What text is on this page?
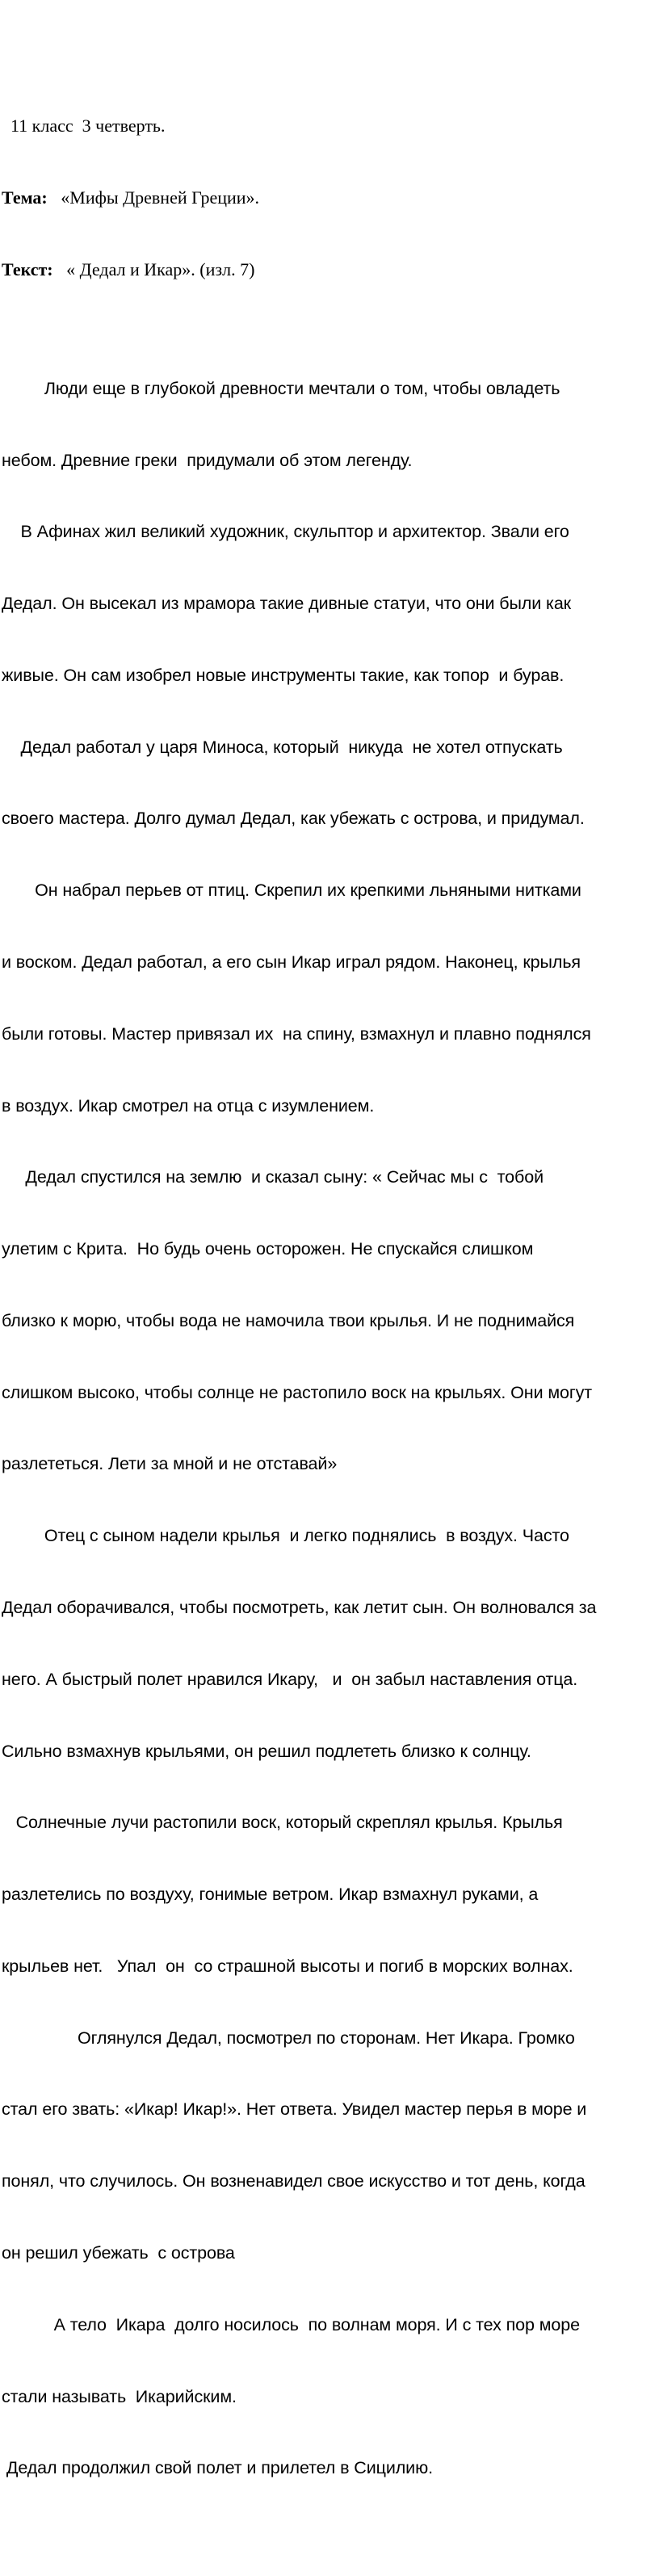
11 класс  3 четверть.

Тема:   «Мифы Древней Греции».

Текст:   « Дедал и Икар». (изл. 7)

Люди еще в глубокой древности мечтали о том, чтобы овладеть

небом. Древние греки  придумали об этом легенду.

В Афинах жил великий художник, скульптор и архитектор. Звали его

Дедал. Он высекал из мрамора такие дивные статуи, что они были как

живые. Он сам изобрел новые инструменты такие, как топор  и бурав.

Дедал работал у царя Миноса, который  никуда  не хотел отпускать

своего мастера. Долго думал Дедал, как убежать с острова, и придумал.

Он набрал перьев от птиц. Скрепил их крепкими льняными нитками

и воском. Дедал работал, а его сын Икар играл рядом. Наконец, крылья

были готовы. Мастер привязал их  на спину, взмахнул и плавно поднялся

в воздух. Икар смотрел на отца с изумлением.

Дедал спустился на землю  и сказал сыну: « Сейчас мы с  тобой

улетим с Крита.  Но будь очень осторожен. Не спускайся слишком

близко к морю, чтобы вода не намочила твои крылья. И не поднимайся

слишком высоко, чтобы солнце не растопило воск на крыльях. Они могут

разлететься. Лети за мной и не отставай»

Отец с сыном надели крылья  и легко поднялись  в воздух. Часто

Дедал оборачивался, чтобы посмотреть, как летит сын. Он волновался за

него. А быстрый полет нравился Икару,   и  он забыл наставления отца.

Сильно взмахнув крыльями, он решил подлететь близко к солнцу.

Солнечные лучи растопили воск, который скреплял крылья. Крылья

разлетелись по воздуху, гонимые ветром. Икар взмахнул руками, а

крыльев нет.   Упал  он  со страшной высоты и погиб в морских волнах.

Оглянулся Дедал, посмотрел по сторонам. Нет Икара. Громко

стал его звать: «Икар! Икар!». Нет ответа. Увидел мастер перья в море и

понял, что случилось. Он возненавидел свое искусство и тот день, когда

он решил убежать  с острова

А тело  Икара  долго носилось  по волнам моря. И с тех пор море

стали называть  Икарийским.

Дедал продолжил свой полет и прилетел в Сицилию.
